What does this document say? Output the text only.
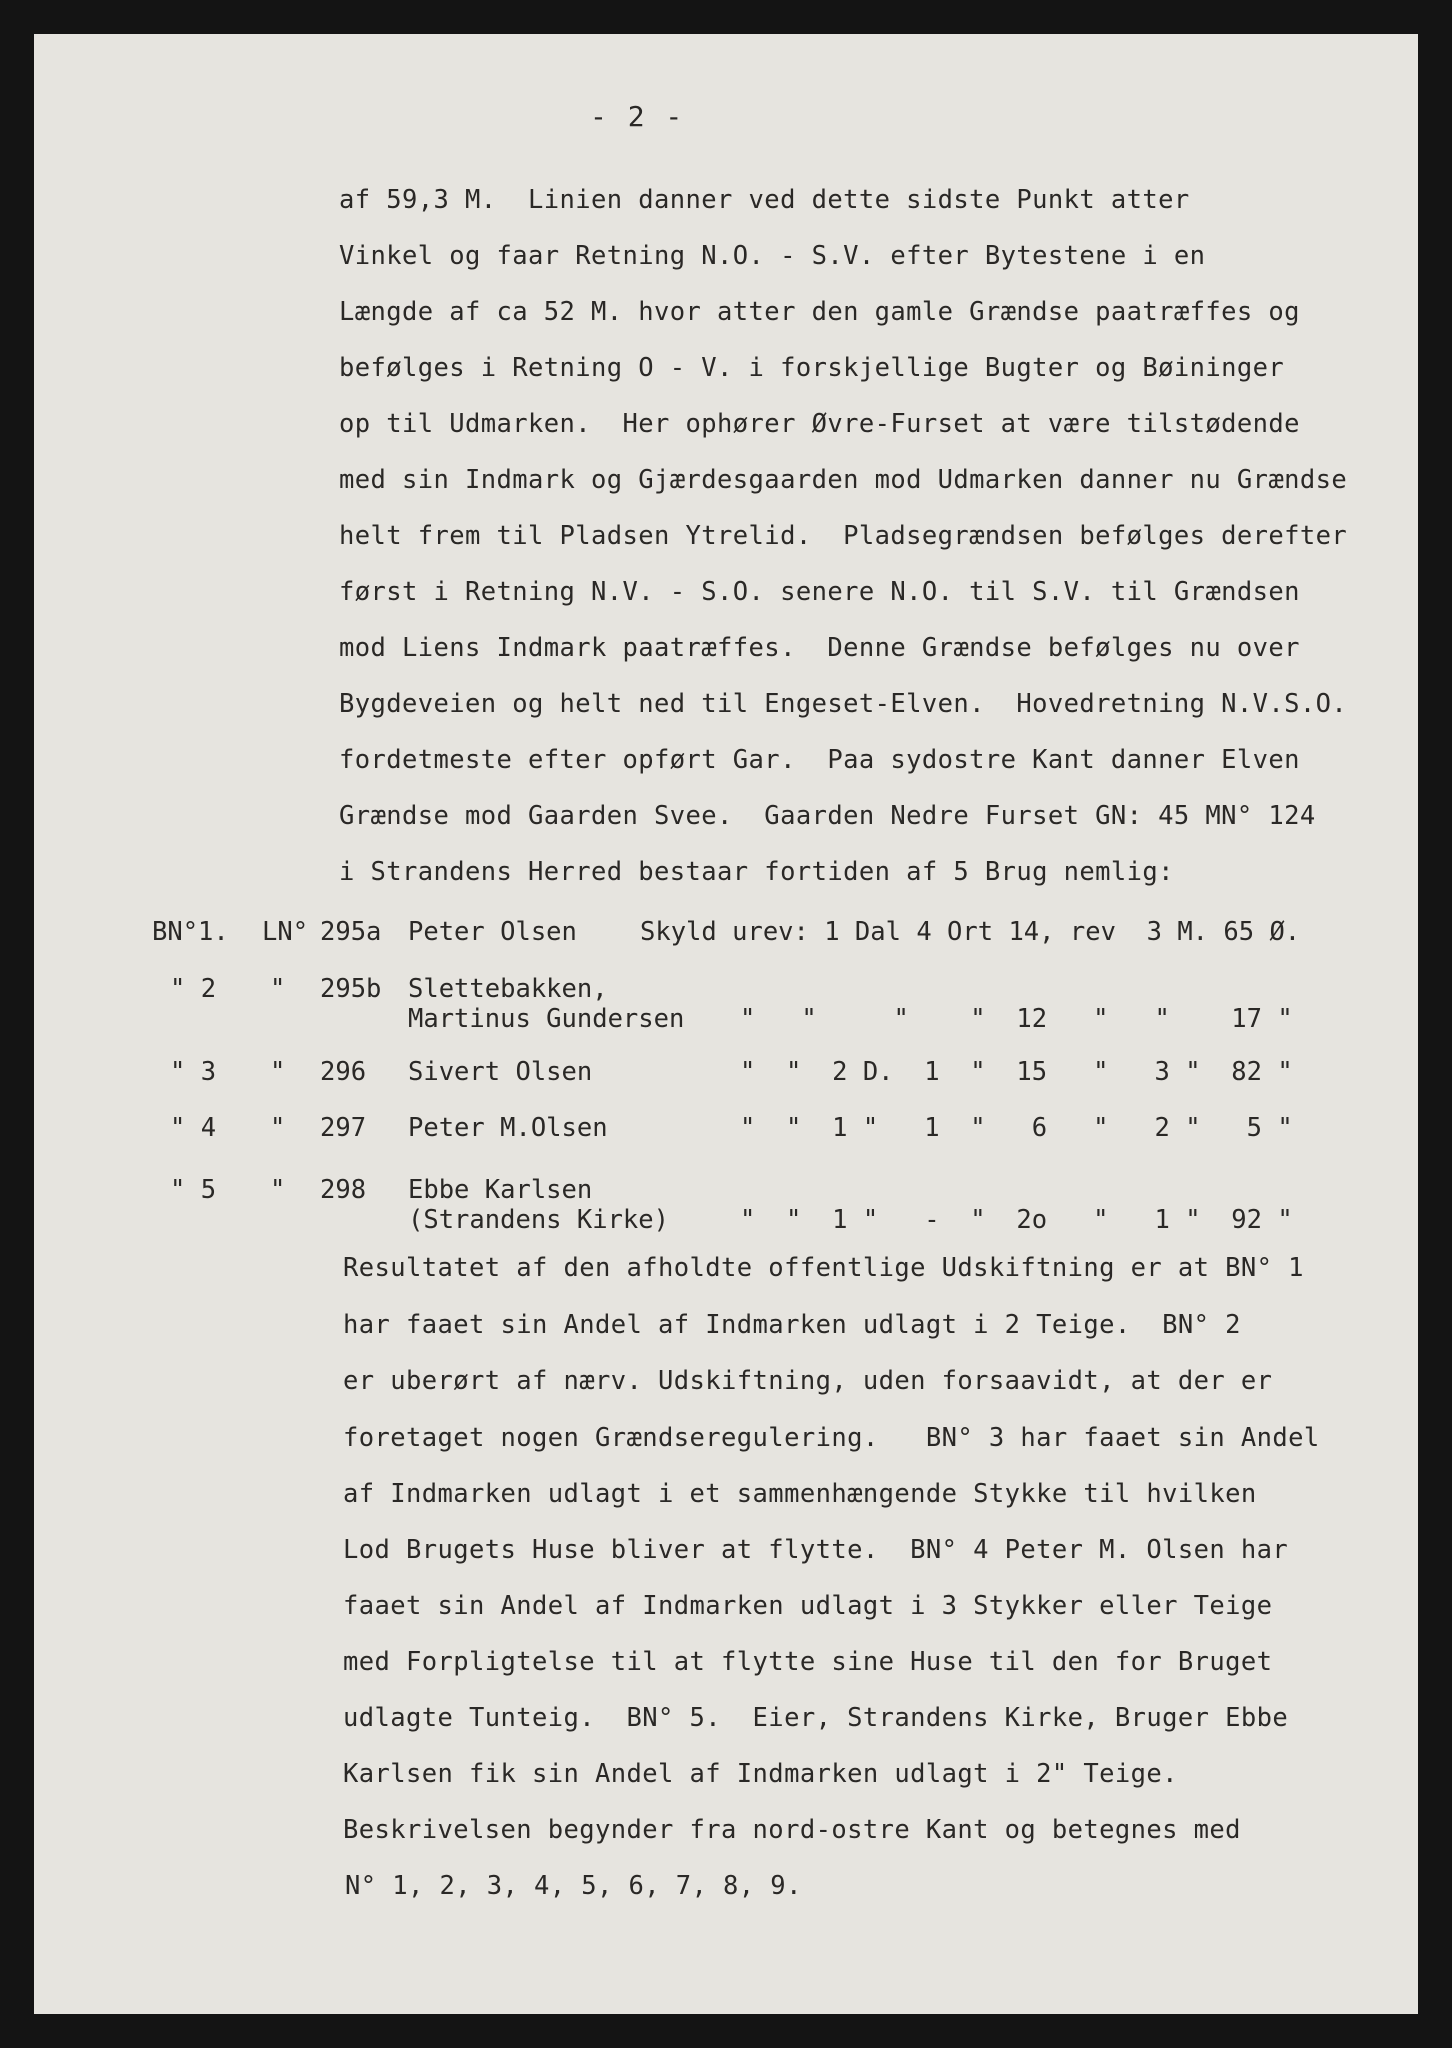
- 2 -
af 59,3 M.  Linien danner ved dette sidste Punkt atter
Vinkel og faar Retning N.O. - S.V. efter Bytestene i en
Længde af ca 52 M. hvor atter den gamle Grændse paatræffes og
befølges i Retning O - V. i forskjellige Bugter og Bøininger
op til Udmarken.  Her ophører Øvre-Furset at være tilstødende
med sin Indmark og Gjærdesgaarden mod Udmarken danner nu Grændse
helt frem til Pladsen Ytrelid.  Pladsegrændsen befølges derefter
først i Retning N.V. - S.O. senere N.O. til S.V. til Grændsen
mod Liens Indmark paatræffes.  Denne Grændse befølges nu over
Bygdeveien og helt ned til Engeset-Elven.  Hovedretning N.V.S.O.
fordetmeste efter opført Gar.  Paa sydostre Kant danner Elven
Grændse mod Gaarden Svee.  Gaarden Nedre Furset GN: 45 MN° 124
i Strandens Herred bestaar fortiden af 5 Brug nemlig:
BN°1. LN° 295a Peter Olsen Skyld urev: 1 Dal 4 Ort 14, rev  3 M. 65 Ø.
" 2 " 295b Slettebakken,
Martinus Gundersen "   "     "    "  12   "   "    17 "
" 3 " 296 Sivert Olsen	"  "  2 D.  1  "  15   "   3 "  82 "
" 4 " 297 Peter M.Olsen	"  "  1 "   1  "   6   "   2 "   5 "
" 5 " 298 Ebbe Karlsen
(Strandens Kirke)	"  "  1 "   -  "  2o   "   1 "  92 "
Resultatet af den afholdte offentlige Udskiftning er at BN° 1
har faaet sin Andel af Indmarken udlagt i 2 Teige.  BN° 2
er uberørt af nærv. Udskiftning, uden forsaavidt, at der er
foretaget nogen Grændseregulering.   BN° 3 har faaet sin Andel
af Indmarken udlagt i et sammenhængende Stykke til hvilken
Lod Brugets Huse bliver at flytte.  BN° 4 Peter M. Olsen har
faaet sin Andel af Indmarken udlagt i 3 Stykker eller Teige
med Forpligtelse til at flytte sine Huse til den for Bruget
udlagte Tunteig.  BN° 5.  Eier, Strandens Kirke, Bruger Ebbe
Karlsen fik sin Andel af Indmarken udlagt i 2" Teige.
Beskrivelsen begynder fra nord-ostre Kant og betegnes med
N° 1, 2, 3, 4, 5, 6, 7, 8, 9.
